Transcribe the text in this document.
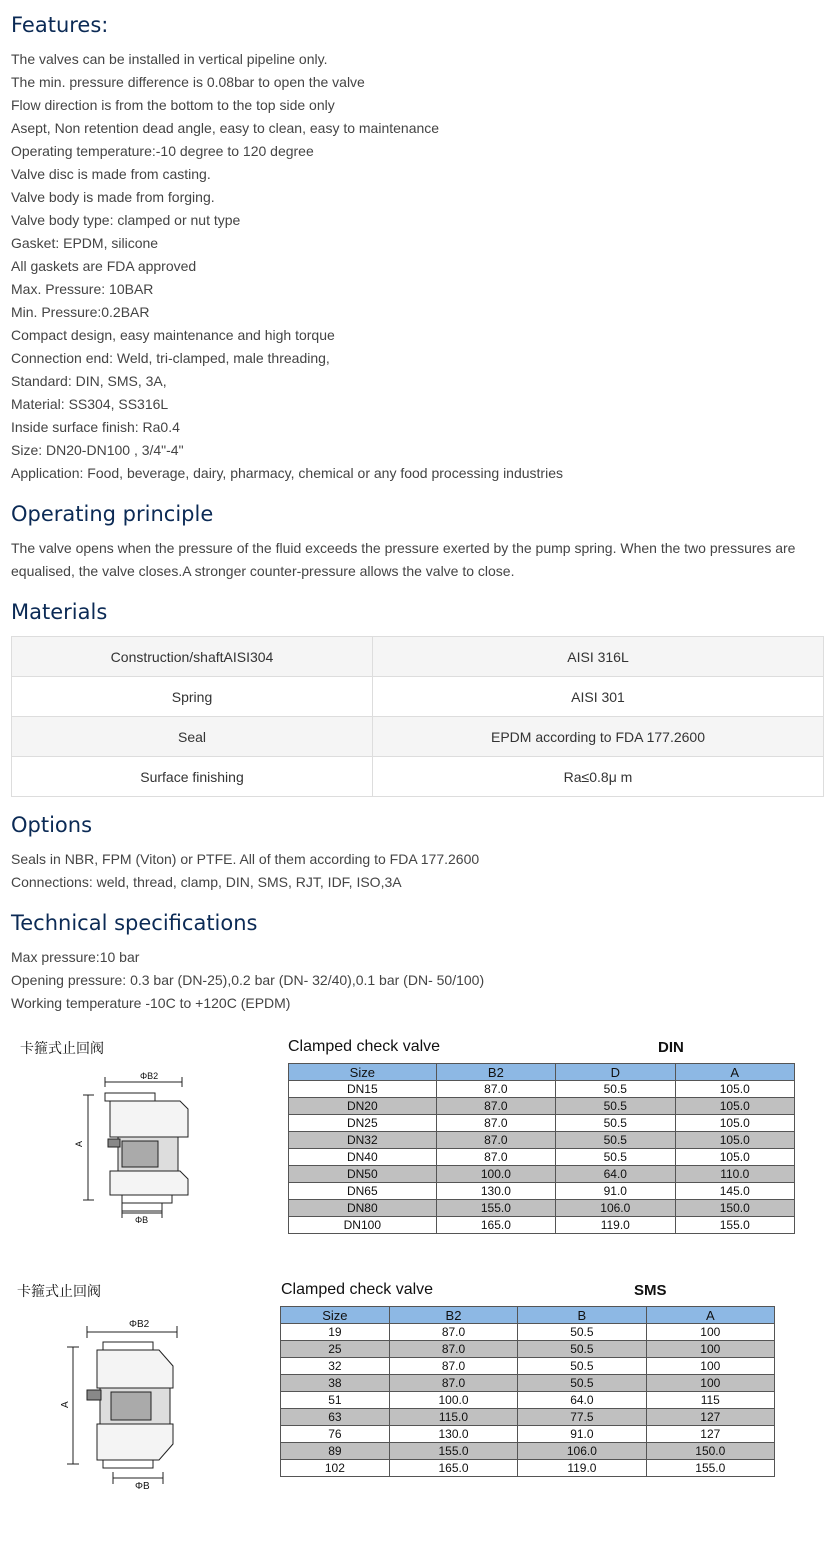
Features:
The valves can be installed in vertical pipeline only.
The min. pressure difference is 0.08bar to open the valve
Flow direction is from the bottom to the top side only
Asept, Non retention dead angle, easy to clean, easy to maintenance
Operating temperature:-10 degree to 120 degree
Valve disc is made from casting.
Valve body is made from forging.
Valve body type: clamped or nut type
Gasket: EPDM, silicone
All gaskets are FDA approved
Max. Pressure: 10BAR
Min. Pressure:0.2BAR
Compact design, easy maintenance and high torque
Connection end: Weld, tri-clamped, male threading,
Standard: DIN, SMS, 3A,
Material: SS304, SS316L
Inside surface finish: Ra0.4
Size: DN20-DN100 , 3/4"-4"
Application: Food, beverage, dairy, pharmacy, chemical or any food processing industries
Operating principle
The valve opens when the pressure of the fluid exceeds the pressure exerted by the pump spring. When the two pressures are equalised, the valve closes.A stronger counter-pressure allows the valve to close.
Materials
Construction/shaftAISI304	AISI 316L
Spring	AISI 301
Seal	EPDM according to FDA 177.2600
Surface finishing	Ra≤0.8μ m
Options
Seals in NBR, FPM (Viton) or PTFE. All of them according to FDA 177.2600
Connections: weld, thread, clamp, DIN, SMS, RJT, IDF, ISO,3A
Technical specifications
Max pressure:10 bar
Opening pressure: 0.3 bar (DN-25),0.2 bar (DN- 32/40),0.1 bar (DN- 50/100)
Working temperature -10C to +120C (EPDM)
卡箍式止回阀
ΦB2
ΦB
A
Clamped check valve	DIN
Size	B2	D	A
DN15	87.0	50.5	105.0
DN20	87.0	50.5	105.0
DN25	87.0	50.5	105.0
DN32	87.0	50.5	105.0
DN40	87.0	50.5	105.0
DN50	100.0	64.0	110.0
DN65	130.0	91.0	145.0
DN80	155.0	106.0	150.0
DN100	165.0	119.0	155.0
卡箍式止回阀
ΦB2
ΦB
A
Clamped check valve	SMS
Size	B2	B	A
19	87.0	50.5	100
25	87.0	50.5	100
32	87.0	50.5	100
38	87.0	50.5	100
51	100.0	64.0	115
63	115.0	77.5	127
76	130.0	91.0	127
89	155.0	106.0	150.0
102	165.0	119.0	155.0
